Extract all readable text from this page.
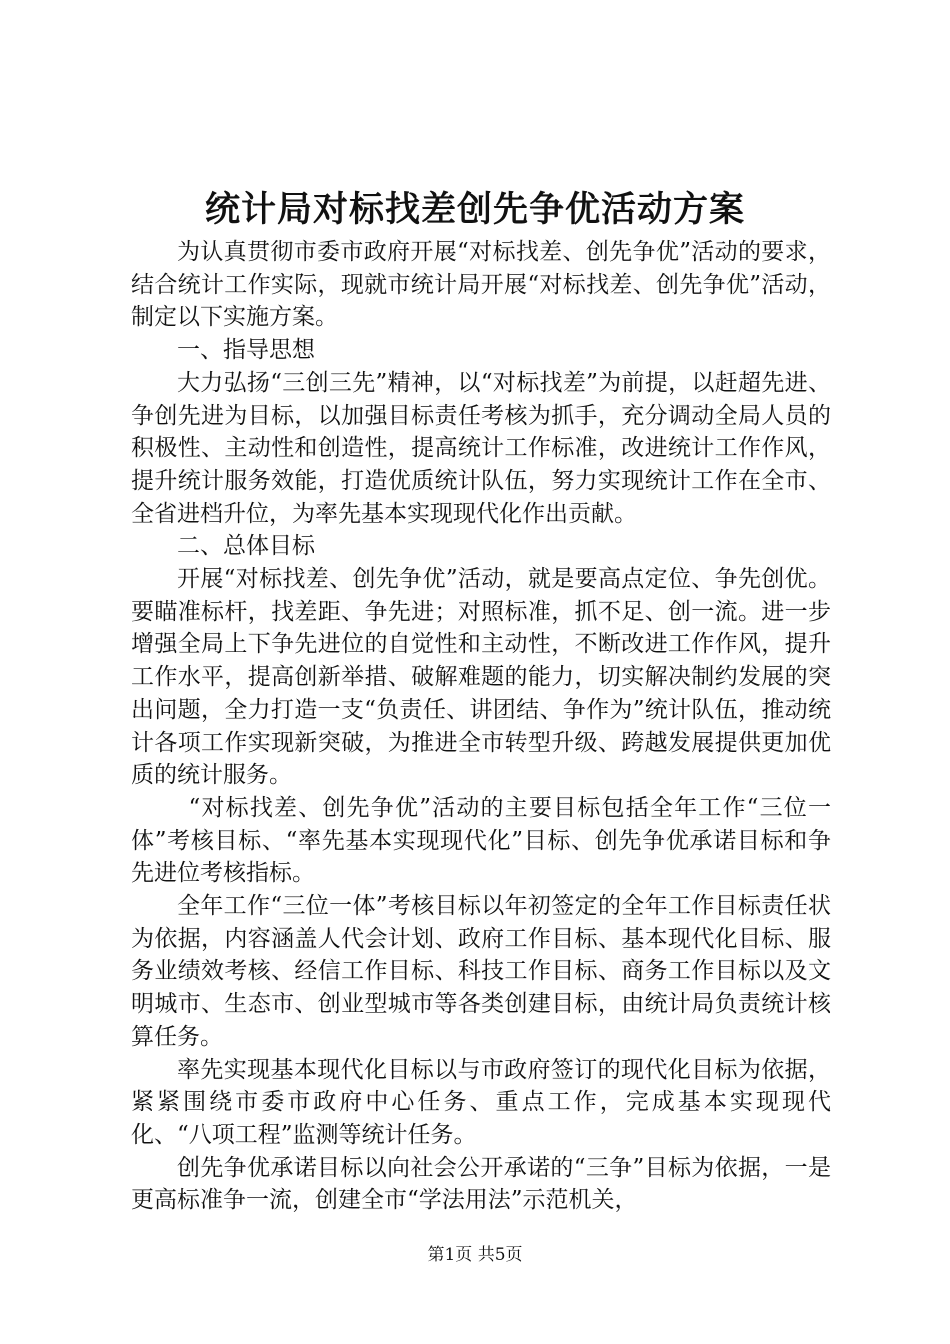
统计局对标找差创先争优活动方案

为认真贯彻市委市政府开展“对标找差、创先争优”活动的要求，结合统计工作实际，现就市统计局开展“对标找差、创先争优”活动，制定以下实施方案。

一、指导思想

大力弘扬“三创三先”精神，以“对标找差”为前提，以赶超先进、争创先进为目标，以加强目标责任考核为抓手，充分调动全局人员的积极性、主动性和创造性，提高统计工作标准，改进统计工作作风，提升统计服务效能，打造优质统计队伍，努力实现统计工作在全市、全省进档升位，为率先基本实现现代化作出贡献。

二、总体目标

开展“对标找差、创先争优”活动，就是要高点定位、争先创优。要瞄准标杆，找差距、争先进；对照标准，抓不足、创一流。进一步增强全局上下争先进位的自觉性和主动性，不断改进工作作风，提升工作水平，提高创新举措、破解难题的能力，切实解决制约发展的突出问题，全力打造一支“负责任、讲团结、争作为”统计队伍，推动统计各项工作实现新突破，为推进全市转型升级、跨越发展提供更加优质的统计服务。

“对标找差、创先争优”活动的主要目标包括全年工作“三位一体”考核目标、“率先基本实现现代化”目标、创先争优承诺目标和争先进位考核指标。

全年工作“三位一体”考核目标以年初签定的全年工作目标责任状为依据，内容涵盖人代会计划、政府工作目标、基本现代化目标、服务业绩效考核、经信工作目标、科技工作目标、商务工作目标以及文明城市、生态市、创业型城市等各类创建目标，由统计局负责统计核算任务。

率先实现基本现代化目标以与市政府签订的现代化目标为依据，紧紧围绕市委市政府中心任务、重点工作，完成基本实现现代化、“八项工程”监测等统计任务。

创先争优承诺目标以向社会公开承诺的“三争”目标为依据，一是更高标准争一流，创建全市“学法用法”示范机关，

第1页 共5页
